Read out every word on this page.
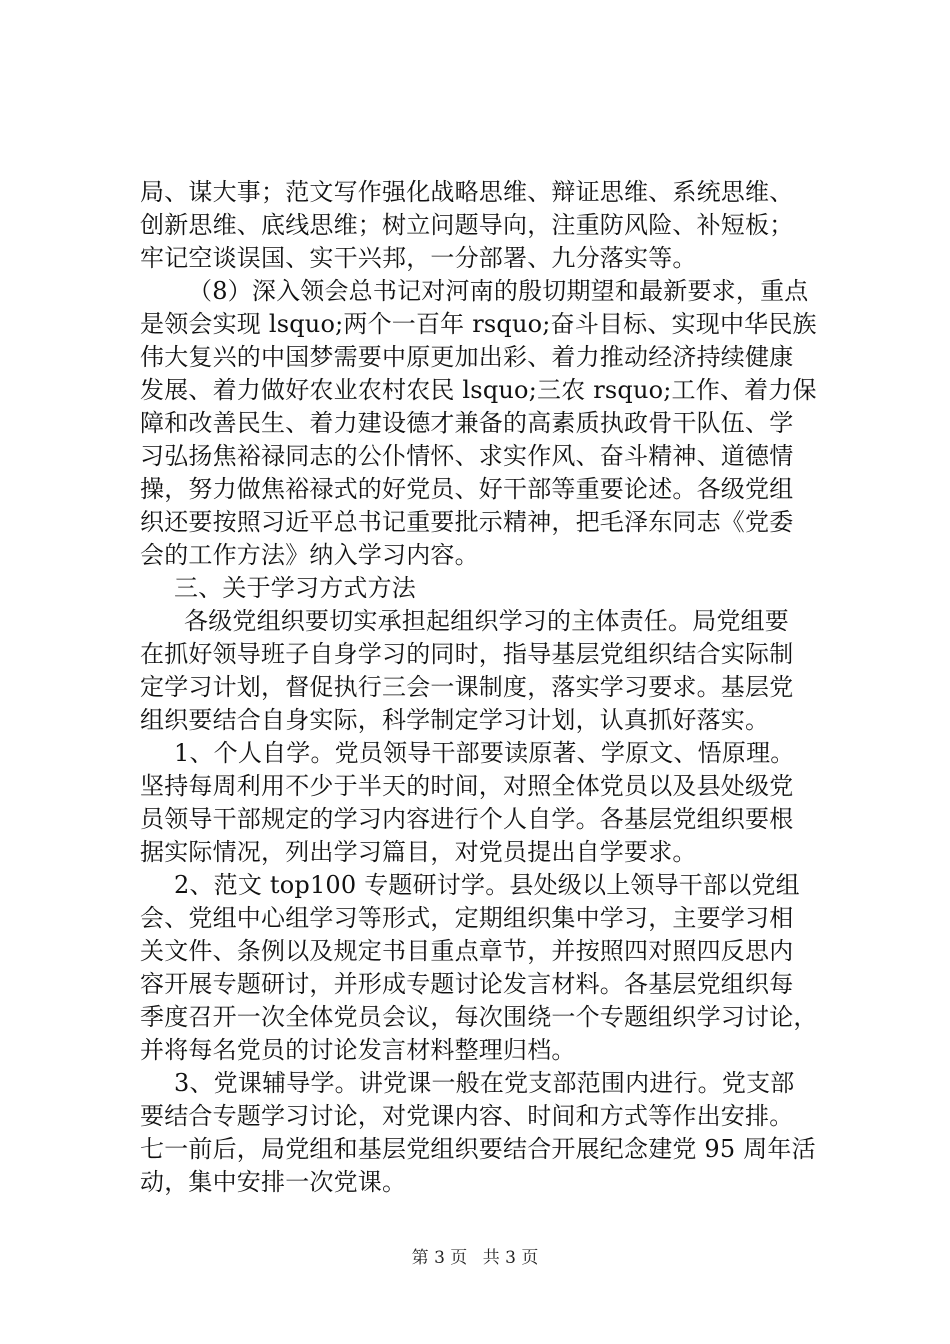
局、谋大事；范文写作强化战略思维、辩证思维、系统思维、
创新思维、底线思维；树立问题导向，注重防风险、补短板；
牢记空谈误国、实干兴邦，一分部署、九分落实等。
（8）深入领会总书记对河南的殷切期望和最新要求，重点
是领会实现 lsquo;两个一百年 rsquo;奋斗目标、实现中华民族
伟大复兴的中国梦需要中原更加出彩、着力推动经济持续健康
发展、着力做好农业农村农民 lsquo;三农 rsquo;工作、着力保
障和改善民生、着力建设德才兼备的高素质执政骨干队伍、学
习弘扬焦裕禄同志的公仆情怀、求实作风、奋斗精神、道德情
操，努力做焦裕禄式的好党员、好干部等重要论述。各级党组
织还要按照习近平总书记重要批示精神，把毛泽东同志《党委
会的工作方法》纳入学习内容。
三、关于学习方式方法
各级党组织要切实承担起组织学习的主体责任。局党组要
在抓好领导班子自身学习的同时，指导基层党组织结合实际制
定学习计划，督促执行三会一课制度，落实学习要求。基层党
组织要结合自身实际，科学制定学习计划，认真抓好落实。
1、个人自学。党员领导干部要读原著、学原文、悟原理。
坚持每周利用不少于半天的时间，对照全体党员以及县处级党
员领导干部规定的学习内容进行个人自学。各基层党组织要根
据实际情况，列出学习篇目，对党员提出自学要求。
2、范文 top100 专题研讨学。县处级以上领导干部以党组
会、党组中心组学习等形式，定期组织集中学习，主要学习相
关文件、条例以及规定书目重点章节，并按照四对照四反思内
容开展专题研讨，并形成专题讨论发言材料。各基层党组织每
季度召开一次全体党员会议，每次围绕一个专题组织学习讨论，
并将每名党员的讨论发言材料整理归档。
3、党课辅导学。讲党课一般在党支部范围内进行。党支部
要结合专题学习讨论，对党课内容、时间和方式等作出安排。
七一前后，局党组和基层党组织要结合开展纪念建党 95 周年活
动，集中安排一次党课。
第 3 页 共 3 页
